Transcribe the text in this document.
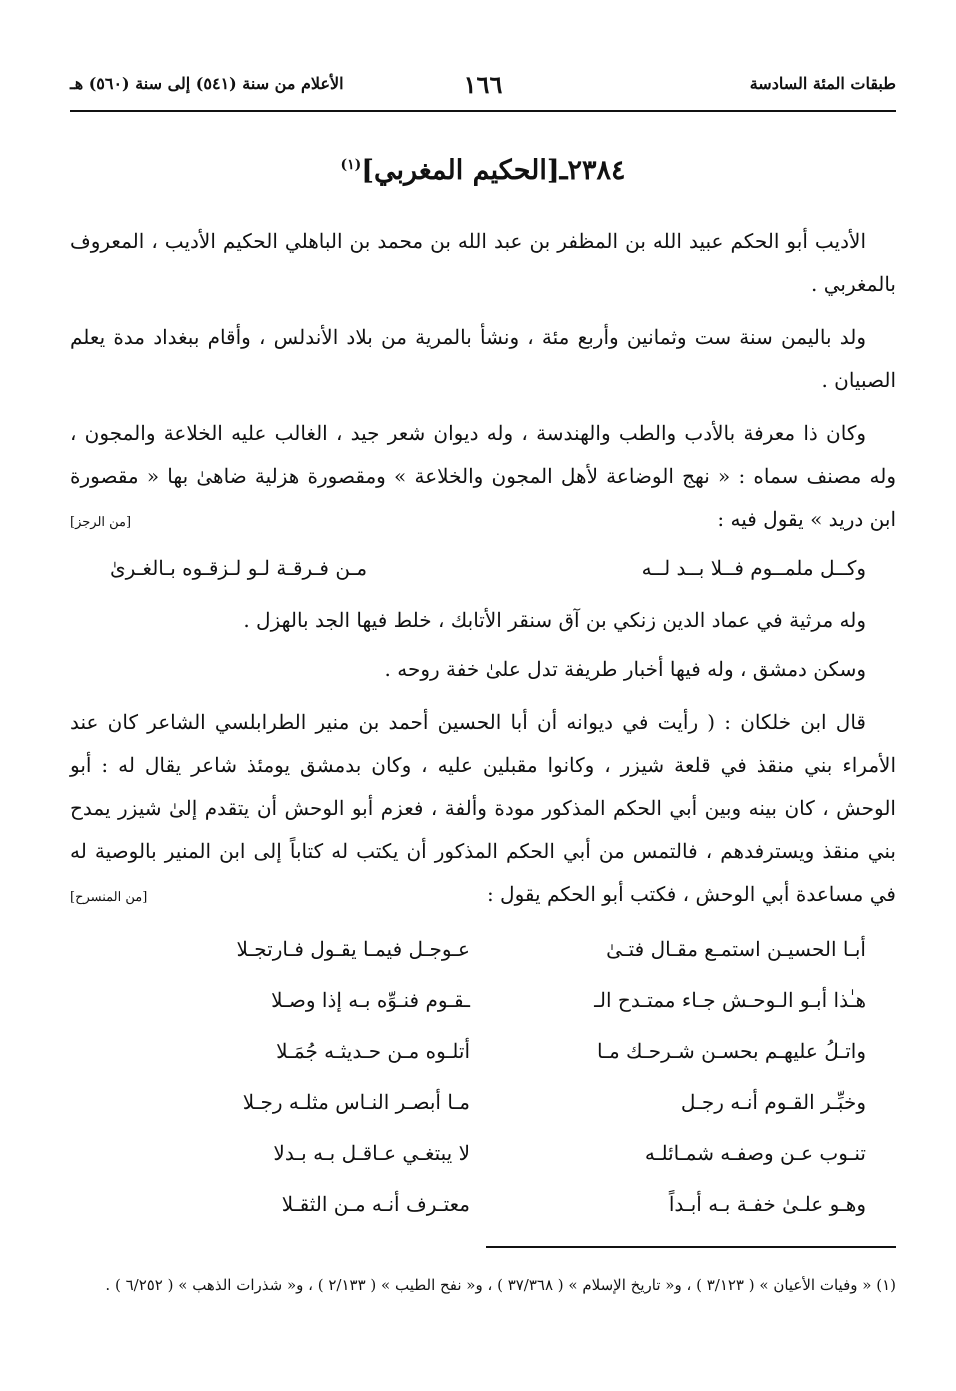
طبقات المئة السادسة
١٦٦
الأعلام من سنة (٥٤١) إلى سنة (٥٦٠) هـ
٢٣٨٤ـ[الحكيم المغربي]$^{(١)}$

الأديب أبو الحكم عبيد الله بن المظفر بن عبد الله بن محمد بن الباهلي الحكيم الأديب ، المعروف بالمغربي .

ولد باليمن سنة ست وثمانين وأربع مئة ، ونشأ بالمرية من بلاد الأندلس ، وأقام ببغداد مدة يعلم الصبيان .

وكان ذا معرفة بالأدب والطب والهندسة ، وله ديوان شعر جيد ، الغالب عليه الخلاعة والمجون ، وله مصنف سماه : « نهج الوضاعة لأهل المجون والخلاعة » ومقصورة هزلية ضاهىٰ بها « مقصورة ابن دريد » يقول فيه :

[من الرجز]
وكــل ملمــوم فــلا بــد لــه
مـن فـرقـة لـو لـزقـوه بـالغـرىٰ

وله مرثية في عماد الدين زنكي بن آق سنقر الأتابك ، خلط فيها الجد بالهزل .

وسكن دمشق ، وله فيها أخبار طريفة تدل علىٰ خفة روحه .

قال ابن خلكان : ( رأيت في ديوانه أن أبا الحسين أحمد بن منير الطرابلسي الشاعر كان عند الأمراء بني منقذ في قلعة شيزر ، وكانوا مقبلين عليه ، وكان بدمشق يومئذ شاعر يقال له : أبو الوحش ، كان بينه وبين أبي الحكم المذكور مودة وألفة ، فعزم أبو الوحش أن يتقدم إلىٰ شيزر يمدح بني منقذ ويسترفدهم ، فالتمس من أبي الحكم المذكور أن يكتب له كتاباً إلى ابن المنير بالوصية له في مساعدة أبي الوحش ، فكتب أبو الحكم يقول :

[من المنسرح]
أبـا الحسيـن استمـع مقـال فتـىٰ
عـوجـل فيمـا يقـول فـارتجـلا
هـٰذا أبـو الـوحـش جـاء ممتـدح الـ
ـقـوم فنـوِّه بـه إذا وصـلا
واتـلُ عليهـم بحسـن شـرحـك مـا
أتلـوه مـن حـديثـه جُمَـلا
وخبِّـر القـوم أنـه رجـل
مـا أبصـر النـاس مثلـه رجـلا
تنـوب عـن وصفـه شمـائلـه
لا يبتغـي عـاقـل بـه بـدلا
وهـو علـىٰ خفـة بـه أبـداً
معتـرف أنـه مـن الثقـلا
(١) « وفيات الأعيان » ( ٣/١٢٣ ) ، و« تاريخ الإسلام » ( ٣٧/٣٦٨ ) ، و« نفح الطيب » ( ٢/١٣٣ ) ، و« شذرات الذهب » ( ٦/٢٥٢ ) .
